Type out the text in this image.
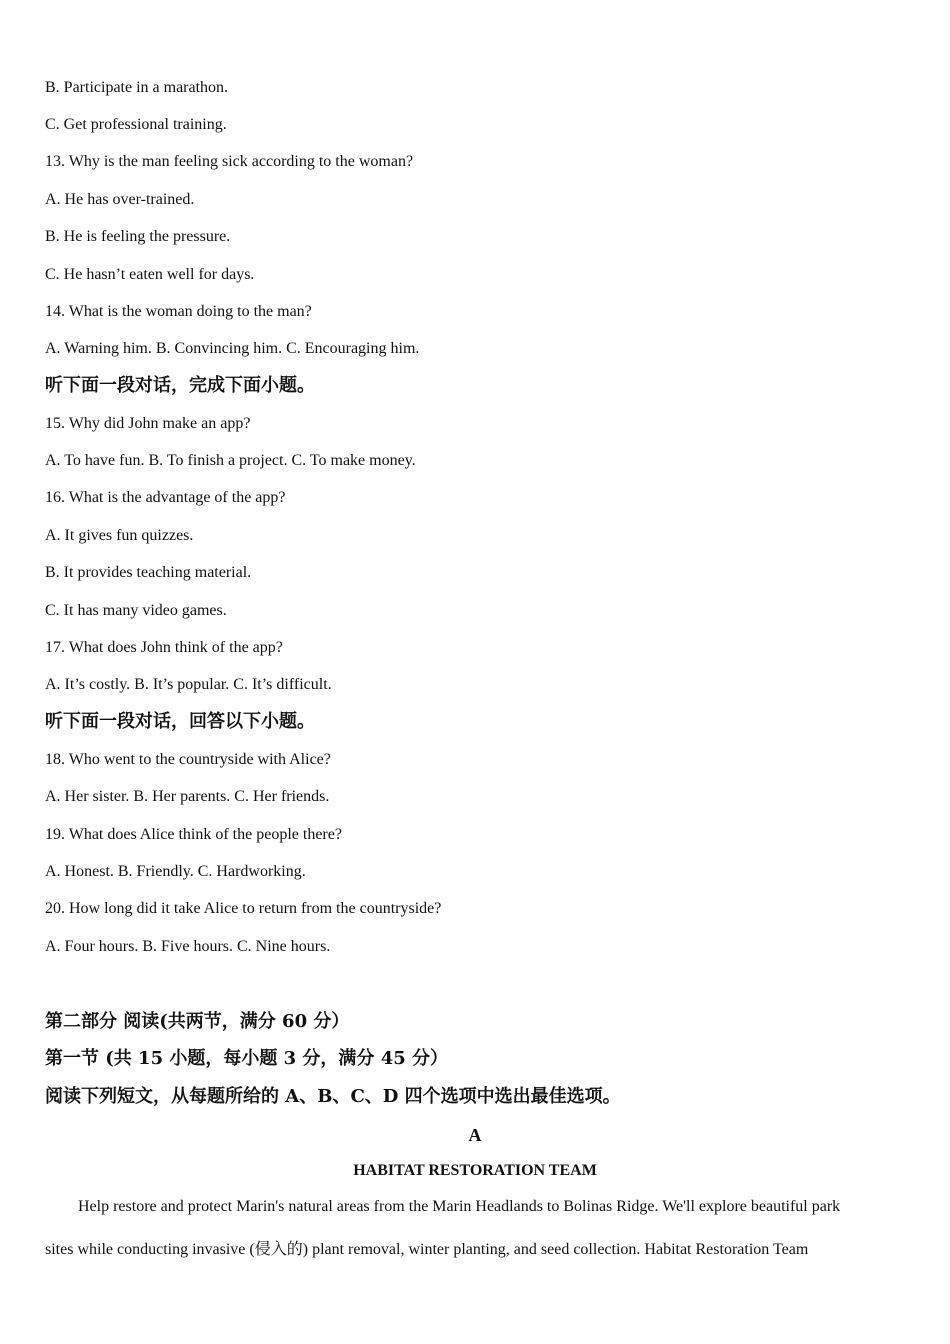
B. Participate in a marathon.
C. Get professional training.
13. Why is the man feeling sick according to the woman?
A. He has over-trained.
B. He is feeling the pressure.
C. He hasn’t eaten well for days.
14. What is the woman doing to the man?
A. Warning him. B. Convincing him. C. Encouraging him.
听下面一段对话，完成下面小题。
15. Why did John make an app?
A. To have fun. B. To finish a project. C. To make money.
16. What is the advantage of the app?
A. It gives fun quizzes.
B. It provides teaching material.
C. It has many video games.
17. What does John think of the app?
A. It’s costly. B. It’s popular. C. It’s difficult.
听下面一段对话，回答以下小题。
18. Who went to the countryside with Alice?
A. Her sister. B. Her parents. C. Her friends.
19. What does Alice think of the people there?
A. Honest. B. Friendly. C. Hardworking.
20. How long did it take Alice to return from the countryside?
A. Four hours. B. Five hours. C. Nine hours.
第二部分 阅读(共两节，满分 60 分）
第一节 (共 15 小题，每小题 3 分，满分 45 分）
阅读下列短文，从每题所给的 A、B、C、D 四个选项中选出最佳选项。
A
HABITAT RESTORATION TEAM
Help restore and protect Marin's natural areas from the Marin Headlands to Bolinas Ridge. We'll explore beautiful park
sites while conducting invasive (侵入的) plant removal, winter planting, and seed collection. Habitat Restoration Team
